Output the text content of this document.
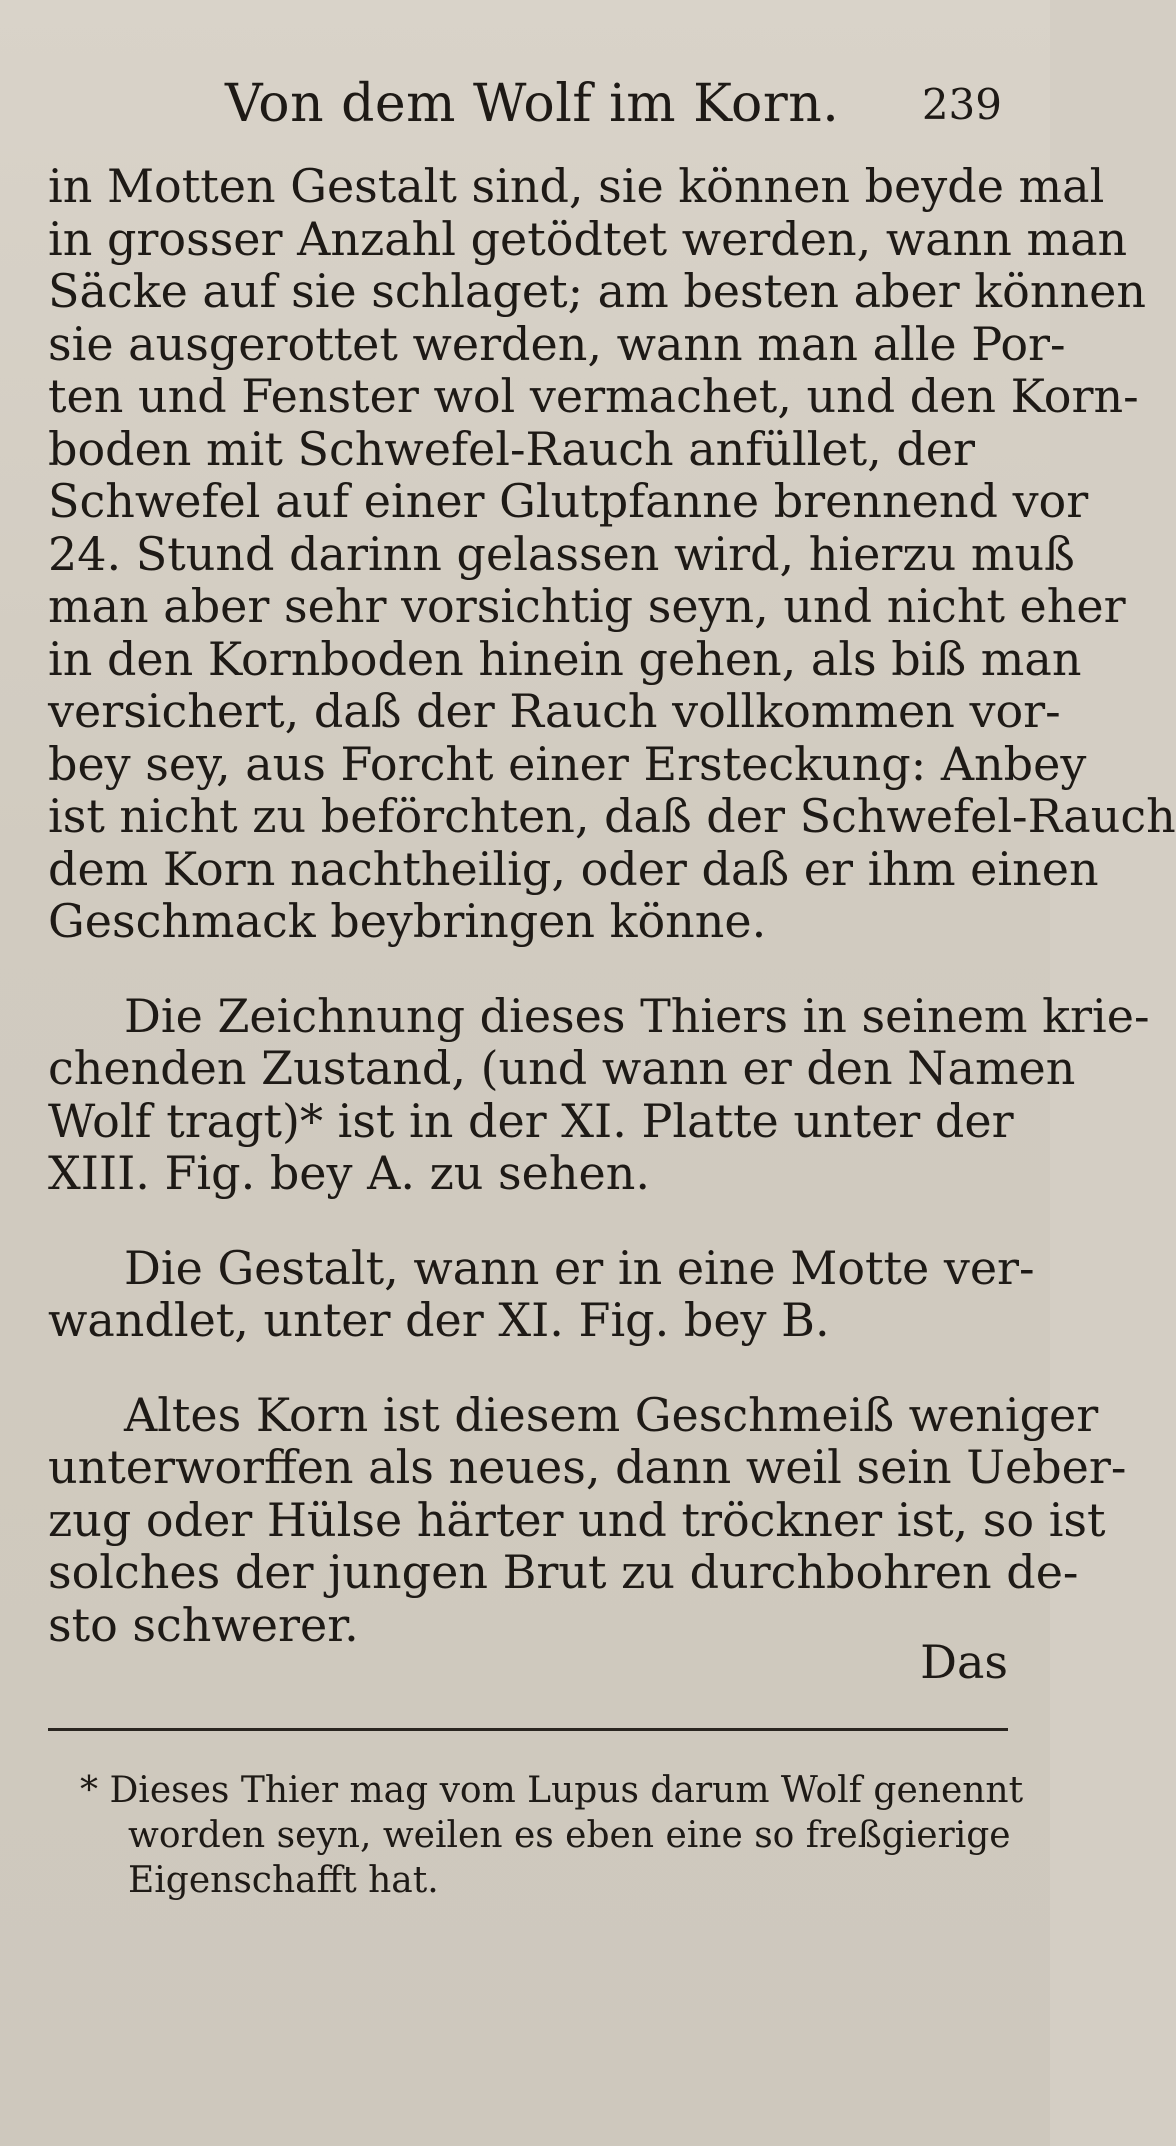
Von dem Wolf im Korn. 239
in Motten Gestalt sind, sie können beyde mal
in grosser Anzahl getödtet werden, wann man
Säcke auf sie schlaget; am besten aber können
sie ausgerottet werden, wann man alle Por-
ten und Fenster wol vermachet, und den Korn-
boden mit Schwefel-Rauch anfüllet, der
Schwefel auf einer Glutpfanne brennend vor
24. Stund darinn gelassen wird, hierzu muß
man aber sehr vorsichtig seyn, und nicht eher
in den Kornboden hinein gehen, als biß man
versichert, daß der Rauch vollkommen vor-
bey sey, aus Forcht einer Ersteckung: Anbey
ist nicht zu beförchten, daß der Schwefel-Rauch
dem Korn nachtheilig, oder daß er ihm einen
Geschmack beybringen könne.
Die Zeichnung dieses Thiers in seinem krie-
chenden Zustand, (und wann er den Namen
Wolf tragt)* ist in der XI. Platte unter der
XIII. Fig. bey A. zu sehen.
Die Gestalt, wann er in eine Motte ver-
wandlet, unter der XI. Fig. bey B.
Altes Korn ist diesem Geschmeiß weniger
unterworffen als neues, dann weil sein Ueber-
zug oder Hülse härter und tröckner ist, so ist
solches der jungen Brut zu durchbohren de-
sto schwerer.
Das
* Dieses Thier mag vom Lupus darum Wolf genennt
worden seyn, weilen es eben eine so freßgierige
Eigenschafft hat.
